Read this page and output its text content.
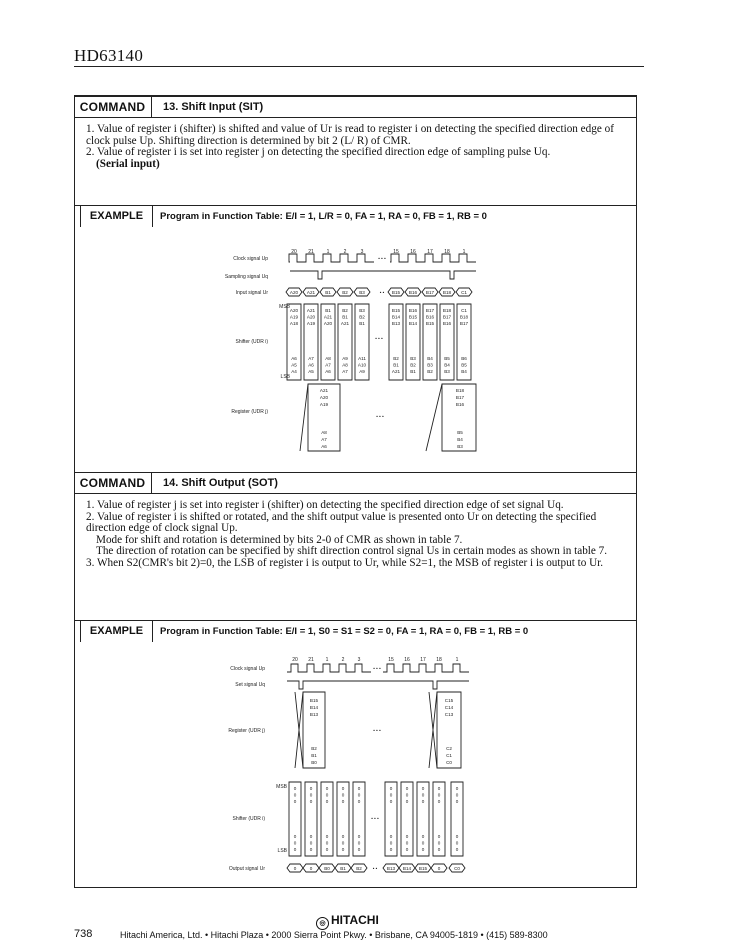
HD63140
COMMAND	13. Shift Input (SIT)

1. Value of register i (shifter) is shifted and value of Ur is read to register i on detecting the specified direction edge of clock pulse Up. Shifting direction is determined by bit 2 (L/ R) of CMR.

2. Value of register i is set into register j on detecting the specified direction edge of sampling pulse Uq.

(Serial input)
EXAMPLE	Program in Function Table: E/I = 1, L/R = 0, FA = 1, RA = 0, FB = 1, RB = 0
Clock signal Up
Sampling signal Uq
Input signal Ur
Shifter (UDR i)
Register (UDR j)
MSB
LSB
20 21	1	2	3	15 16 17 18	1
• • •
A20 A21 B1 B2 B3	B15 B16 B17 B18 C1
• •
A20
A19
A18
A6
A5
A4
A21
A20
A19
A7
A6
A5
B1
A21
A20
A8
A7
A6
B2
B1
A21
A9
A8
A7
B3
B2
B1
A11
A10
A9
B15
B14
B13
B2
B1
A21
B16
B15
B14
B3
B2
B1
B17
B16
B15
B4
B3
B2
B18
B17
B16
B5
B4
B3
C1
B18
B17
B6
B5
B4
• • •
A21
A20
A19
A8
A7
A6
B18
B17
B16
B5
B4
B3
• • •
COMMAND	14. Shift Output (SOT)

1. Value of register j is set into register i (shifter) on detecting the specified direction edge of set signal Uq.

2. Value of register i is shifted or rotated, and the shift output value is presented onto Ur on detecting the specified direction edge of clock signal Up.

Mode for shift and rotation is determined by bits 2-0 of CMR as shown in table 7.

The direction of rotation can be specified by shift direction control signal Us in certain modes as shown in table 7.

3. When S2(CMR's bit 2)=0, the LSB of register i is output to Ur, while S2=1, the MSB of register i is output to Ur.

EXAMPLE	Program in Function Table: E/I = 1, S0 = S1 = S2 = 0, FA = 1, RA = 0, FB = 1, RB = 0
Clock signal Up
Set signal Uq
Register (UDR j)
Shifter (UDR i)
Output signal Ur
MSB
LSB
20 21 1	2	3	15 16 17 18	1
• • •
B15
B14
B13
B2
B1
B0
C15
C14
C13
C2
C1
C0
• • •
0
0
0
0
0
0
0
0
0
0
0
0
0
0
0
0
0
0
0
0
0
0
0
0
0
0
0
0
0
0
0
0
0
0
0
0
0
0
0
0
0
0
0
0
0
0
0
0
0
0
0
0
0
0
0
0
0
0
0
0
• • •
0	0	B0 B1 B2	B13 B14 B15 0	C0
• •
738
◎ HITACHI
Hitachi America, Ltd. • Hitachi Plaza • 2000 Sierra Point Pkwy. • Brisbane, CA 94005-1819 • (415) 589-8300
